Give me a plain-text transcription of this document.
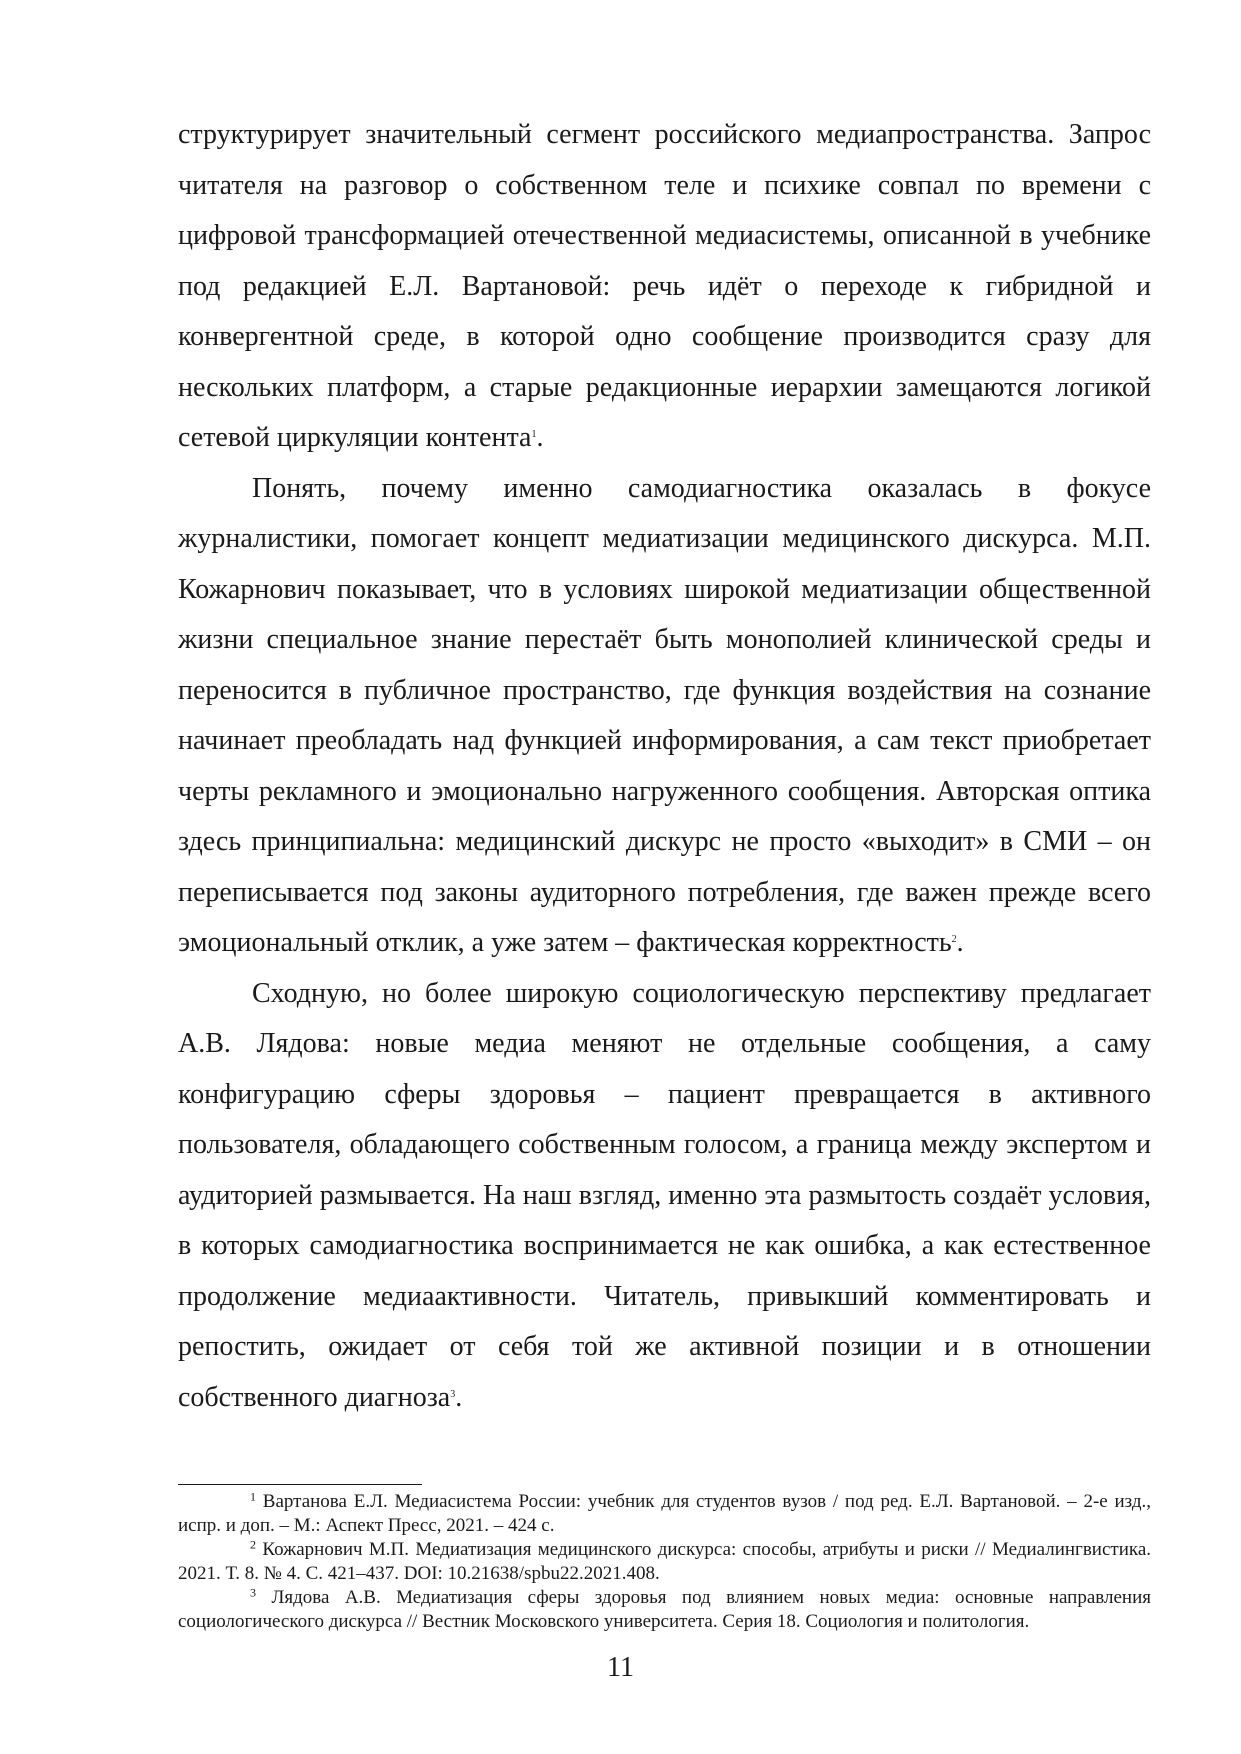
структурирует значительный сегмент российского медиапространства. Запрос читателя на разговор о собственном теле и психике совпал по времени с цифровой трансформацией отечественной медиасистемы, описанной в учебнике под редакцией Е.Л. Вартановой: речь идёт о переходе к гибридной и конвергентной среде, в которой одно сообщение производится сразу для нескольких платформ, а старые редакционные иерархии замещаются логикой сетевой циркуляции контента$^1$.

Понять, почему именно самодиагностика оказалась в фокусе журналистики, помогает концепт медиатизации медицинского дискурса. М.П. Кожарнович показывает, что в условиях широкой медиатизации общественной жизни специальное знание перестаёт быть монополией клинической среды и переносится в публичное пространство, где функция воздействия на сознание начинает преобладать над функцией информирования, а сам текст приобретает черты рекламного и эмоционально нагруженного сообщения. Авторская оптика здесь принципиальна: медицинский дискурс не просто «выходит» в СМИ – он переписывается под законы аудиторного потребления, где важен прежде всего эмоциональный отклик, а уже затем – фактическая корректность$^2$.

Сходную, но более широкую социологическую перспективу предлагает А.В. Лядова: новые медиа меняют не отдельные сообщения, а саму конфигурацию сферы здоровья – пациент превращается в активного пользователя, обладающего собственным голосом, а граница между экспертом и аудиторией размывается. На наш взгляд, именно эта размытость создаёт условия, в которых самодиагностика воспринимается не как ошибка, а как естественное продолжение медиаактивности. Читатель, привыкший комментировать и репостить, ожидает от себя той же активной позиции и в отношении собственного диагноза$^3$.

$^1$ Вартанова Е.Л. Медиасистема России: учебник для студентов вузов / под ред. Е.Л. Вартановой. – 2-е изд., испр. и доп. – М.: Аспект Пресс, 2021. – 424 с.

$^2$ Кожарнович М.П. Медиатизация медицинского дискурса: способы, атрибуты и риски // Медиалингвистика. 2021. Т. 8. № 4. С. 421–437. DOI: 10.21638/spbu22.2021.408.

$^3$ Лядова А.В. Медиатизация сферы здоровья под влиянием новых медиа: основные направления социологического дискурса // Вестник Московского университета. Серия 18. Социология и политология.

11
